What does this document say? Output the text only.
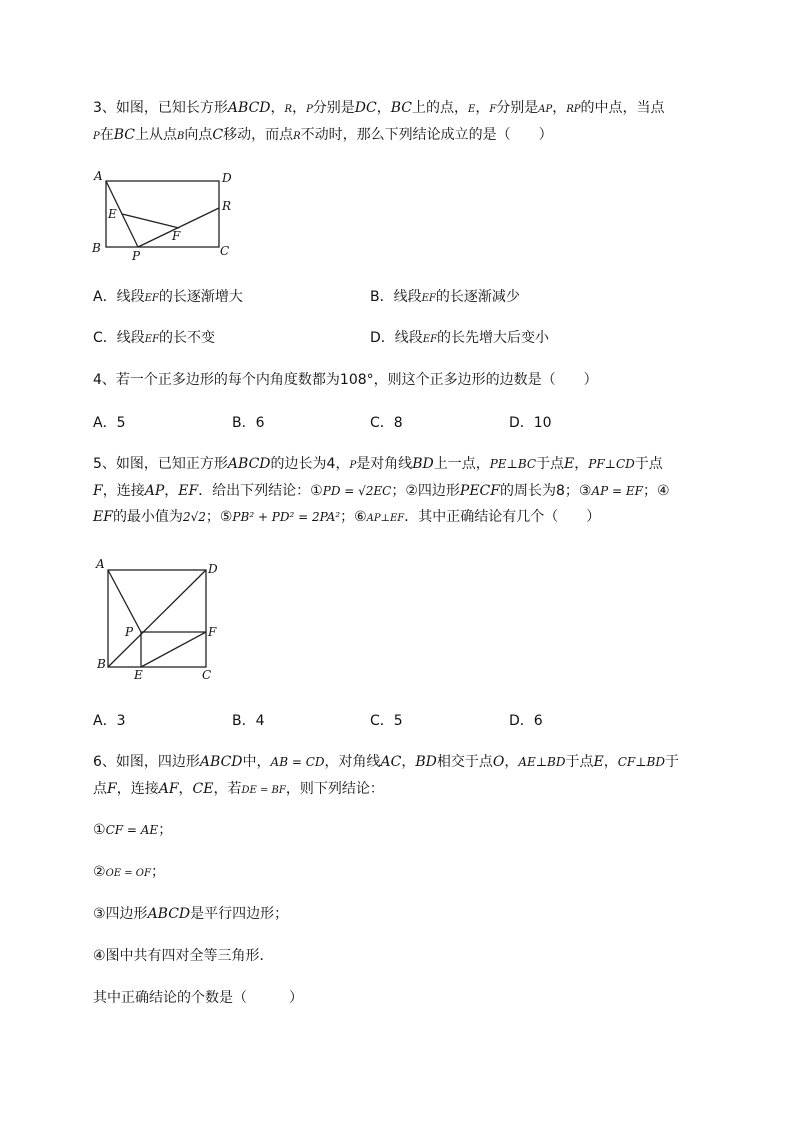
3、如图，已知长方形ABCD，R，P分别是DC，BC上的点，E，F分别是AP，RP的中点，当点
P在BC上从点B向点C移动，而点R不动时，那么下列结论成立的是（　　）
A	D
E
R
F
B	C
P
A．线段EF的长逐渐增大	B．线段EF的长逐渐减少
C．线段EF的长不变	D．线段EF的长先增大后变小
4、若一个正多边形的每个内角度数都为108°，则这个正多边形的边数是（　　）
A．5	B．6	C．8	D．10
5、如图，已知正方形ABCD的边长为4，P是对角线BD上一点，PE⊥BC于点E，PF⊥CD于点
F，连接AP，EF．给出下列结论：①PD = √2EC；②四边形PECF的周长为8；③AP = EF；④
EF的最小值为2√2；⑤PB² + PD² = 2PA²；⑥AP⊥EF．其中正确结论有几个（　　）
A	D
P	F
B
E	C
A．3	B．4	C．5	D．6
6、如图，四边形ABCD中，AB = CD，对角线AC，BD相交于点O，AE⊥BD于点E，CF⊥BD于
点F，连接AF，CE，若DE = BF，则下列结论：
①CF = AE；
②OE = OF；
③四边形ABCD是平行四边形；
④图中共有四对全等三角形．
其中正确结论的个数是（　　　）
